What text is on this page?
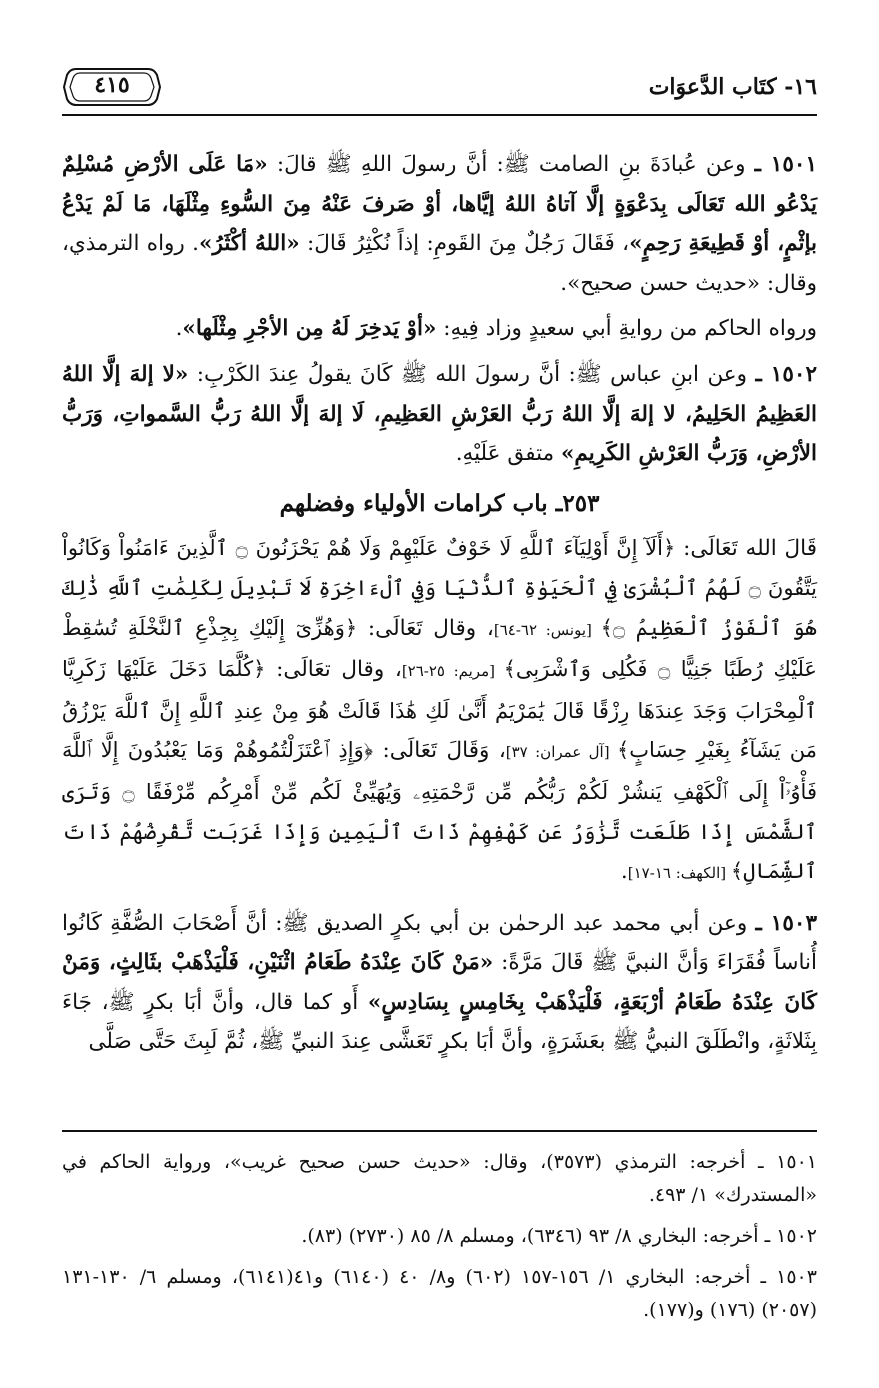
١٦- كتَاب الدَّعوَات
٤١٥

١٥٠١ ـ وعن عُبادَةَ بنِ الصامت ﷺ: أنَّ رسولَ اللهِ ﷺ قالَ: «مَا عَلَى الأرْضِ مُسْلِمٌ يَدْعُو الله تَعَالَى بِدَعْوَةٍ إلَّا آتاهُ اللهُ إيَّاها، أوْ صَرفَ عَنْهُ مِنَ السُّوءِ مِثْلَهَا، مَا لَمْ يَدْعُ بإثْمٍ، أوْ قَطِيعَةِ رَحِمٍ»، فَقَالَ رَجُلٌ مِنَ القَومِ: إذاً نُكْثِرُ قَالَ: «اللهُ أكْثَرُ». رواه الترمذي، وقال: «حديث حسن صحيح».

ورواه الحاكم من روايةِ أبي سعيدٍ وزاد فِيهِ: «أوْ يَدخِرَ لَهُ مِن الأجْرِ مِثْلَها».

١٥٠٢ ـ وعن ابنِ عباس ﷺ: أنَّ رسولَ الله ﷺ كَانَ يقولُ عِندَ الكَرْبِ: «لا إلهَ إلَّا اللهُ العَظِيمُ الحَلِيمُ، لا إلهَ إلَّا اللهُ رَبُّ العَرْشِ العَظِيمِ، لَا إلهَ إلَّا اللهُ رَبُّ السَّمواتِ، وَرَبُّ الأرْضِ، وَرَبُّ العَرْشِ الكَرِيمِ» متفق عَلَيْهِ.

٢٥٣ـ باب كرامات الأولياء وفضلهم

قَالَ الله تَعَالَى: ﴿أَلَآ إِنَّ أَوْلِيَآءَ ٱللَّهِ لَا خَوْفٌ عَلَيْهِمْ وَلَا هُمْ يَحْزَنُونَ ۝ ٱلَّذِينَ ءَامَنُواْ وَكَانُواْ يَتَّقُونَ ۝ لَهُمُ ٱلْبُشْرَىٰ فِي ٱلْحَيَوٰةِ ٱلدُّنْيَا وَفِي ٱلْءَاخِرَةِ لَا تَبْدِيلَ لِكَلِمَٰتِ ٱللَّهِ ذَٰلِكَ هُوَ ٱلْفَوْزُ ٱلْعَظِيمُ ۝﴾ [يونس: ٦٢-٦٤]، وقال تَعَالَى: ﴿وَهُزِّىٓ إِلَيْكِ بِجِذْعِ ٱلنَّخْلَةِ تُسَٰقِطْ عَلَيْكِ رُطَبًا جَنِيًّا ۝ فَكُلِى وَٱشْرَبِى﴾ [مريم: ٢٥-٢٦]، وقال تعَالَى: ﴿كُلَّمَا دَخَلَ عَلَيْهَا زَكَرِيَّا ٱلْمِحْرَابَ وَجَدَ عِندَهَا رِزْقًا قَالَ يَٰمَرْيَمُ أَنَّىٰ لَكِ هَٰذَا قَالَتْ هُوَ مِنْ عِندِ ٱللَّهِ إِنَّ ٱللَّهَ يَرْزُقُ مَن يَشَآءُ بِغَيْرِ حِسَابٍ﴾ [آل عمران: ٣٧]، وَقَالَ تَعَالَى: ﴿وَإِذِ ٱعْتَزَلْتُمُوهُمْ وَمَا يَعْبُدُونَ إِلَّا ٱللَّهَ فَأْوُۥٓاْ إِلَى ٱلْكَهْفِ يَنشُرْ لَكُمْ رَبُّكُم مِّن رَّحْمَتِهِۦ وَيُهَيِّئْ لَكُم مِّنْ أَمْرِكُم مِّرْفَقًا ۝ وَتَرَى ٱلشَّمْسَ إِذَا طَلَعَت تَّزَٰوَرُ عَن كَهْفِهِمْ ذَاتَ ٱلْيَمِينِ وَإِذَا غَرَبَت تَّقْرِضُهُمْ ذَاتَ ٱلشِّمَالِ﴾ [الكهف: ١٦-١٧].

١٥٠٣ ـ وعن أبي محمد عبد الرحمٰن بن أبي بكرٍ الصديق ﷺ: أنَّ أَصْحَابَ الصُّفَّةِ كَانُوا أُناساً فُقَرَاءَ وَأنَّ النبيَّ ﷺ قَالَ مَرَّةً: «مَنْ كَانَ عِنْدَهُ طَعَامُ اثْنَيْنِ، فَلْيَذْهَبْ بثَالِثٍ، وَمَنْ كَانَ عِنْدَهُ طَعَامُ أرْبَعَةٍ، فَلْيَذْهَبْ بِخَامِسٍ بِسَادِسٍ» أَو كما قال، وأنَّ أبَا بكرٍ ﷺ، جَاءَ بِثَلاثَةٍ، وانْطَلَقَ النبيُّ ﷺ بعَشَرَةٍ، وأنَّ أبَا بكرٍ تَعَشَّى عِندَ النبيِّ ﷺ، ثُمَّ لَبِثَ حَتَّى صَلَّى

١٥٠١ ـ أخرجه: الترمذي (٣٥٧٣)، وقال: «حديث حسن صحيح غريب»، ورواية الحاكم في «المستدرك» ١/ ٤٩٣.

١٥٠٢ ـ أخرجه: البخاري ٨/ ٩٣ (٦٣٤٦)، ومسلم ٨/ ٨٥ (٢٧٣٠) (٨٣).

١٥٠٣ ـ أخرجه: البخاري ١/ ١٥٦-١٥٧ (٦٠٢) و٨/ ٤٠ (٦١٤٠) و٤١(٦١٤١)، ومسلم ٦/ ١٣٠-١٣١ (٢٠٥٧) (١٧٦) و(١٧٧).
